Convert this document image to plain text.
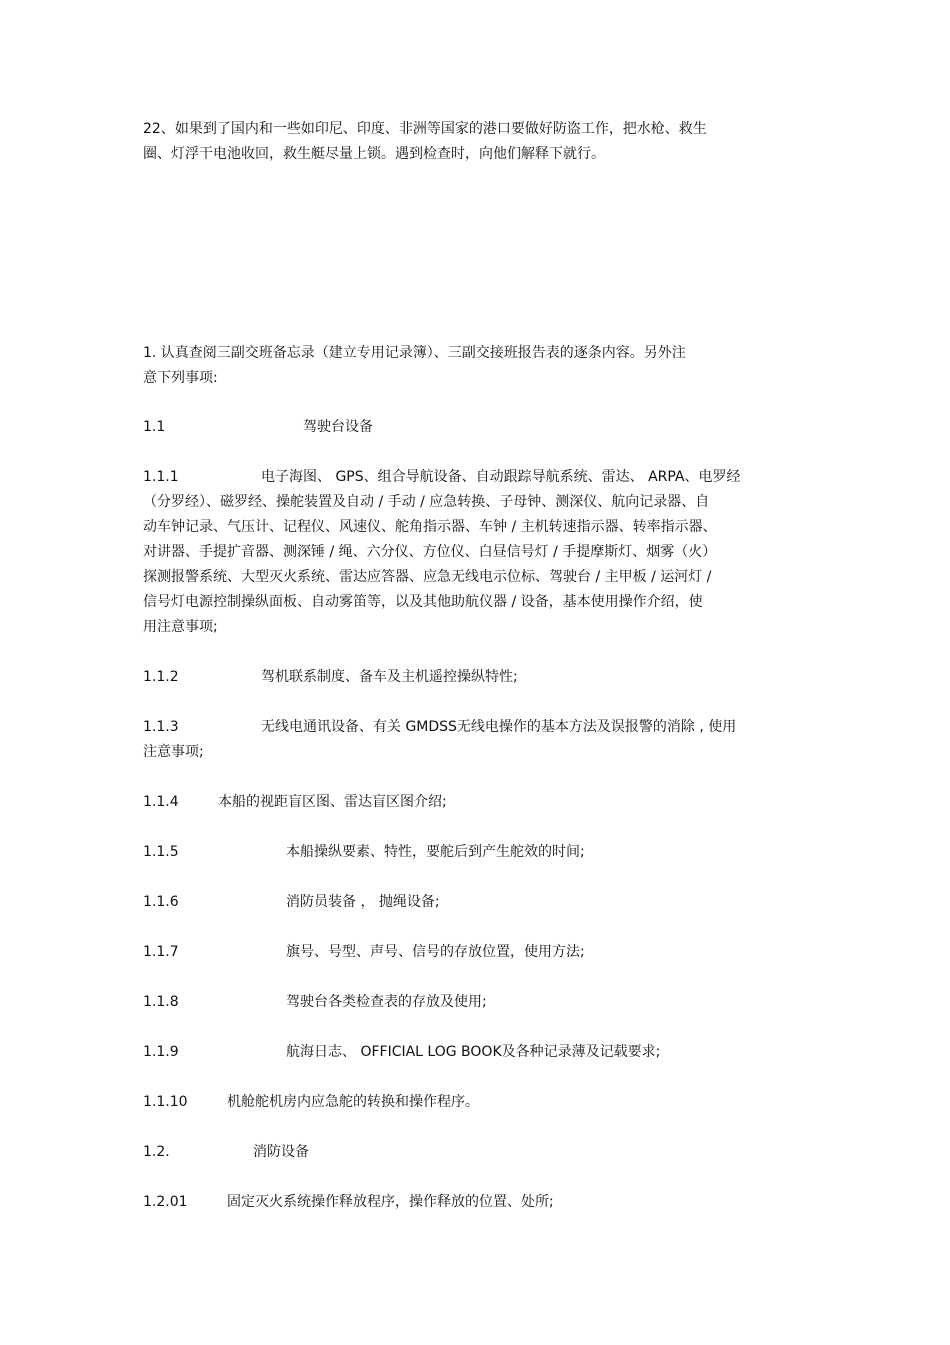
22、如果到了国内和一些如印尼、印度、非洲等国家的港口要做好防盗工作，把水枪、救生
圈、灯浮干电池收回，救生艇尽量上锁。遇到检查时，向他们解释下就行。
1. 认真查阅三副交班备忘录（建立专用记录簿）、三副交接班报告表的逐条内容。另外注
意下列事项:
1.1	驾驶台设备
1.1.1	电子海图、 GPS、组合导航设备、自动跟踪导航系统、雷达、 ARPA、电罗经
（分罗经）、磁罗经、操舵装置及自动 / 手动 / 应急转换、子母钟、测深仪、航向记录器、自
动车钟记录、气压计、记程仪、风速仪、舵角指示器、车钟 / 主机转速指示器、转率指示器、
对讲器、手提扩音器、测深锤 / 绳、六分仪、方位仪、白昼信号灯 / 手提摩斯灯、烟雾（火）
探测报警系统、大型灭火系统、雷达应答器、应急无线电示位标、驾驶台 / 主甲板 / 运河灯 /
信号灯电源控制操纵面板、自动雾笛等，以及其他助航仪器 / 设备，基本使用操作介绍，使
用注意事项;
1.1.2	驾机联系制度、备车及主机遥控操纵特性;
1.1.3	无线电通讯设备、有关 GMDSS无线电操作的基本方法及误报警的消除 , 使用
注意事项;
1.1.4	本船的视距盲区图、雷达盲区图介绍;
1.1.5	本船操纵要素、特性，要舵后到产生舵效的时间;
1.1.6	消防员装备 ， 抛绳设备;
1.1.7	旗号、号型、声号、信号的存放位置，使用方法;
1.1.8	驾驶台各类检查表的存放及使用;
1.1.9	航海日志、 OFFICIAL LOG BOOK及各种记录薄及记载要求;
1.1.10	机舱舵机房内应急舵的转换和操作程序。
1.2.	消防设备
1.2.01	固定灭火系统操作释放程序，操作释放的位置、处所;
